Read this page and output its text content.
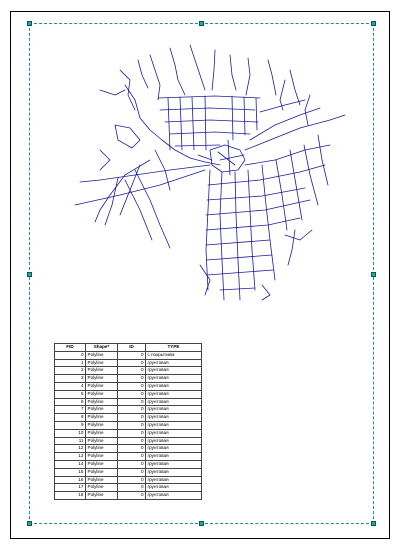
FID	Shape*	ID	TYPE
0	Polyline	0	с покрытием
1	Polyline	0	грунтовая
2	Polyline	0	грунтовая
3	Polyline	0	грунтовая
4	Polyline	0	грунтовая
5	Polyline	0	грунтовая
6	Polyline	0	грунтовая
7	Polyline	0	грунтовая
8	Polyline	0	грунтовая
9	Polyline	0	грунтовая
10	Polyline	0	грунтовая
11	Polyline	0	грунтовая
12	Polyline	0	грунтовая
13	Polyline	0	грунтовая
14	Polyline	0	грунтовая
15	Polyline	0	грунтовая
16	Polyline	0	грунтовая
17	Polyline	0	грунтовая
18	Polyline	0	грунтовая
